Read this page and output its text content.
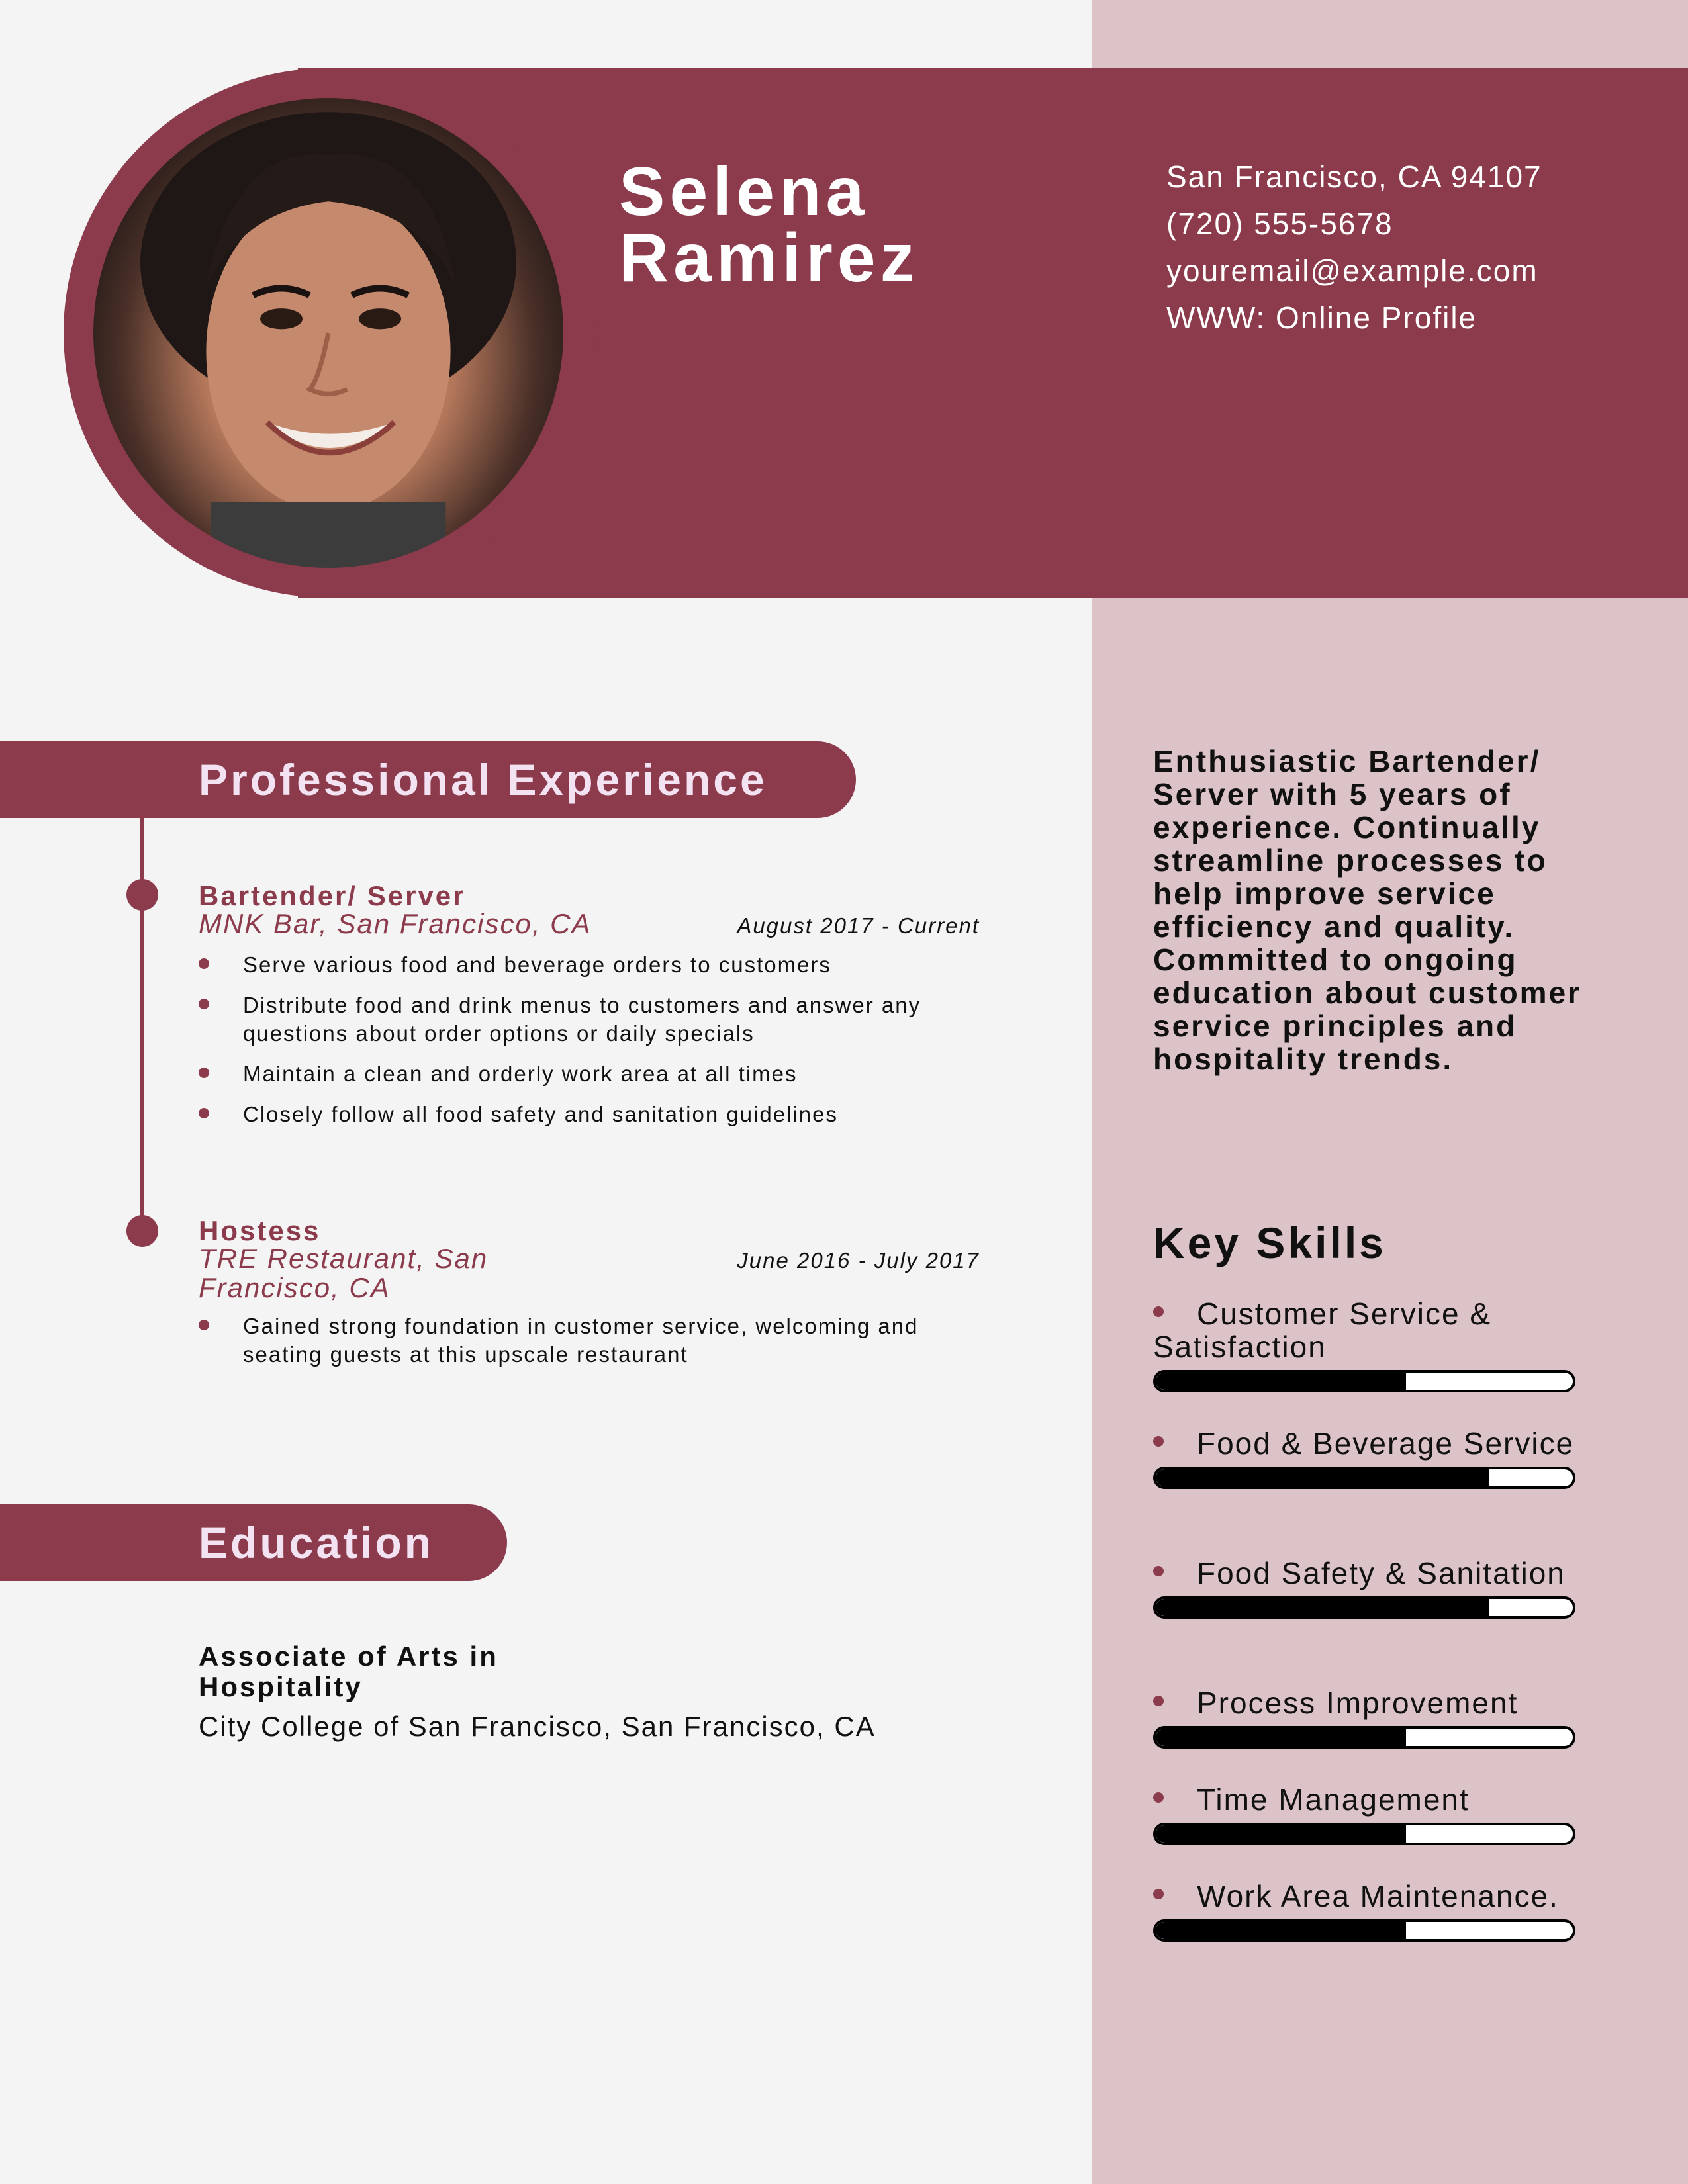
Selena
Ramirez
San Francisco, CA 94107
(720) 555-5678
youremail@example.com
WWW: Online Profile
Professional Experience
Bartender/ Server
MNK Bar, San Francisco, CA	August 2017 - Current
Serve various food and beverage orders to customers
Distribute food and drink menus to customers and answer any questions about order options or daily specials
Maintain a clean and orderly work area at all times
Closely follow all food safety and sanitation guidelines
Hostess
TRE Restaurant, San Francisco, CA
June 2016 - July 2017
Gained strong foundation in customer service, welcoming and seating guests at this upscale restaurant
Education
Associate of Arts in Hospitality
City College of San Francisco, San Francisco, CA
Enthusiastic Bartender/ Server with 5 years of experience. Continually streamline processes to help improve service efficiency and quality. Committed to ongoing education about customer service principles and hospitality trends.
Key Skills
Customer Service & Satisfaction
Food & Beverage Service
Food Safety & Sanitation
Process Improvement
Time Management
Work Area Maintenance.
